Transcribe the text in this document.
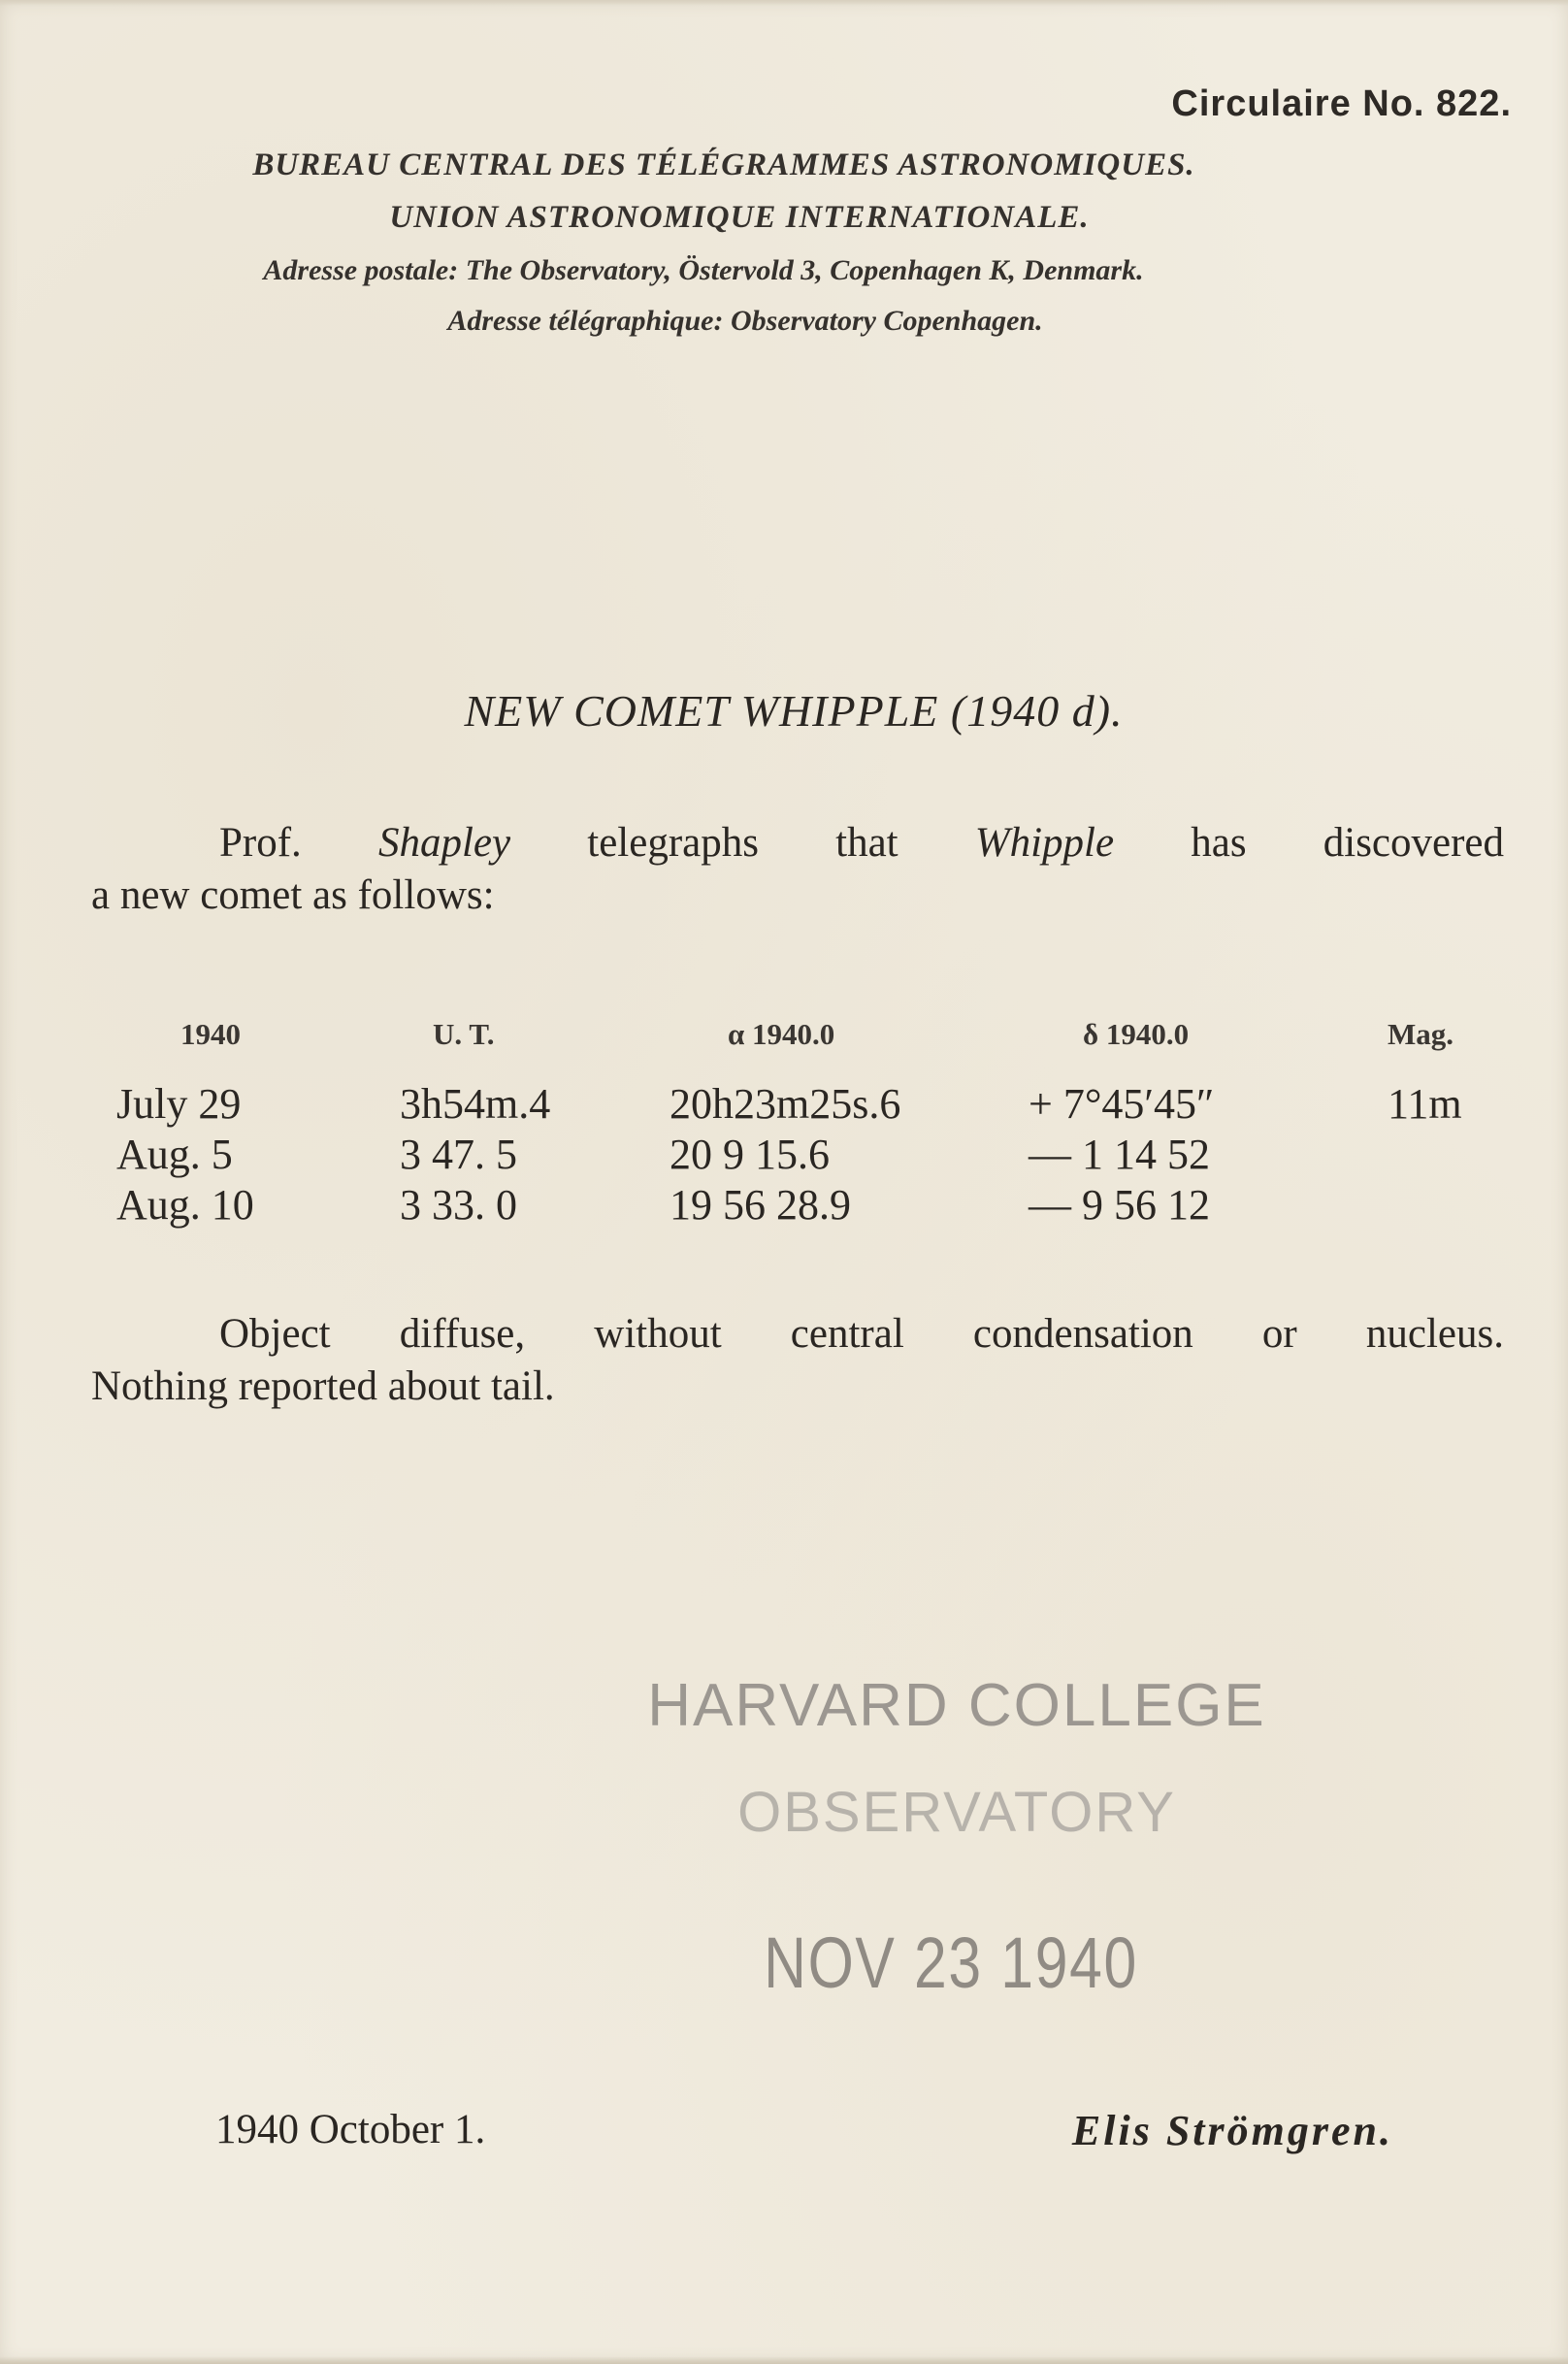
Circulaire No. 822.
BUREAU CENTRAL DES TÉLÉGRAMMES ASTRONOMIQUES.
UNION ASTRONOMIQUE INTERNATIONALE.
Adresse postale: The Observatory, Östervold 3, Copenhagen K, Denmark.
Adresse télégraphique: Observatory Copenhagen.
NEW COMET WHIPPLE (1940 d).
Prof. Shapley telegraphs that Whipple has discovered
a new comet as follows:
1940	U. T.	α 1940.0	δ 1940.0	Mag.
July 29	3h54m.4	20h23m25s.6	+ 7°45′45″	11m
Aug. 5	3 47. 5	20 9 15.6	— 1 14 52
Aug. 10	3 33. 0	19 56 28.9	— 9 56 12
Object diffuse, without central condensation or nucleus.
Nothing reported about tail.
HARVARD COLLEGE
OBSERVATORY
NOV 23 1940
1940 October 1.	Elis Strömgren.
